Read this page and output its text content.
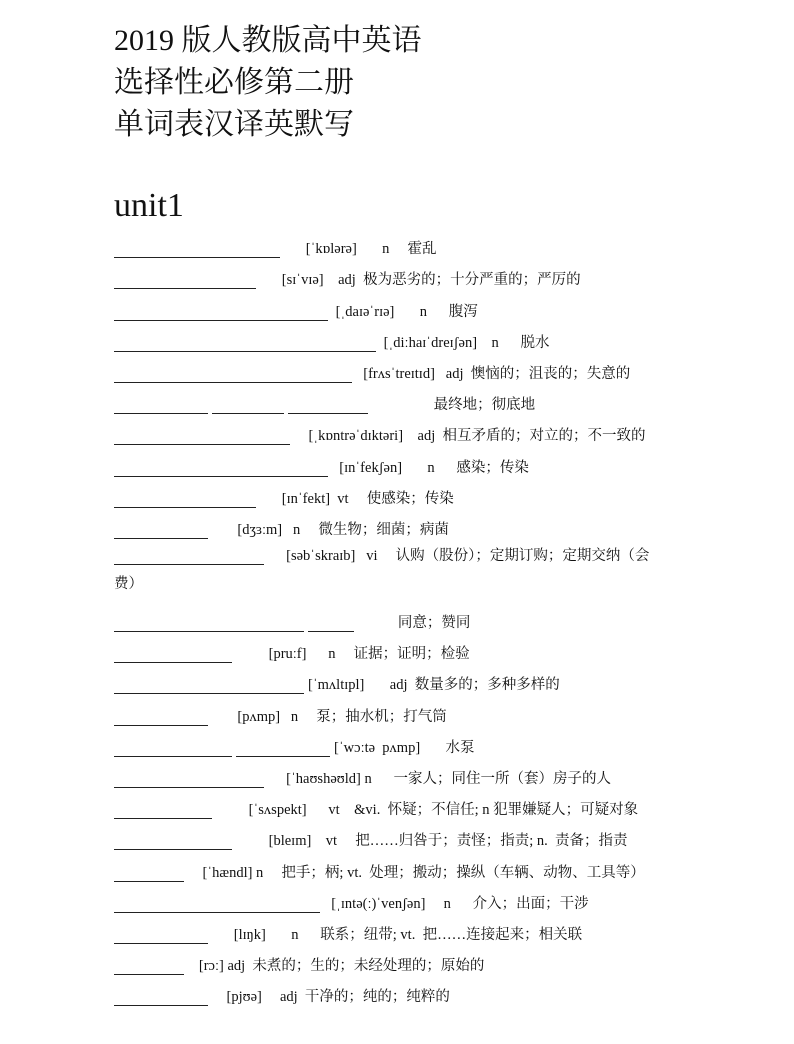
2019 版人教版高中英语
选择性必修第二册
单词表汉译英默写
unit1
[ˈkɒlərə]       n     霍乱
[sɪˈvɪə]    adj  极为恶劣的；十分严重的；严厉的
[ˌdaɪəˈrɪə]       n      腹泻
[ˌdiːhaɪˈdreɪʃən]    n      脱水
[frʌsˈtreɪtɪd]   adj  懊恼的；沮丧的；失意的
最终地；彻底地
[ˌkɒntrəˈdɪktəri]    adj  相互矛盾的；对立的；不一致的
[ɪnˈfekʃən]       n      感染；传染
[ɪnˈfekt]  vt     使感染；传染
[dʒɜːm]   n     微生物；细菌；病菌
[səbˈskraɪb]   vi     认购（股份）；定期订购；定期交纳（会
费）
同意；赞同
[pruːf]      n     证据；证明；检验
[ˈmʌltɪpl]       adj  数量多的；多种多样的
[pʌmp]   n     泵；抽水机；打气筒
[ˈwɔːtə  pʌmp]       水泵
[ˈhaʊshəʊld] n      一家人；同住一所（套）房子的人
[ˈsʌspekt]      vt    &vi.  怀疑；不信任; n 犯罪嫌疑人；可疑对象
[bleɪm]    vt     把……归咎于；责怪；指责; n.  责备；指责
[ˈhændl] n     把手；柄; vt.  处理；搬动；操纵（车辆、动物、工具等）
[ˌɪntə(ː)ˈvenʃən]     n      介入；出面；干涉
[lɪŋk]       n      联系；纽带; vt.  把……连接起来；相关联
[rɔː] adj  未煮的；生的；未经处理的；原始的
[pjʊə]     adj  干净的；纯的；纯粹的
